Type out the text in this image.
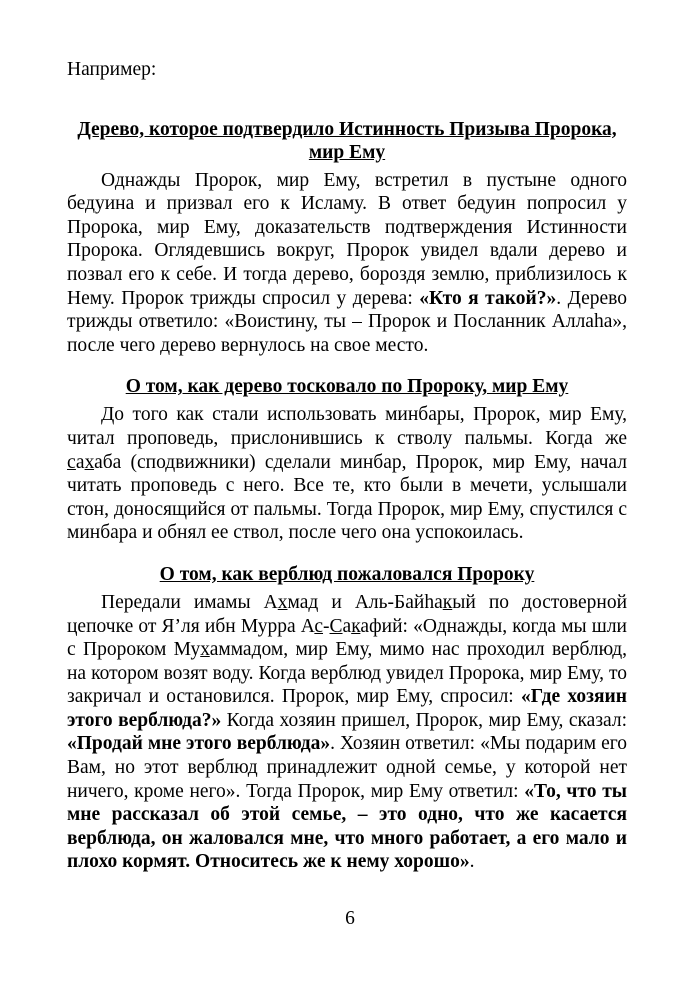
Например:

Дерево, которое подтвердило Истинность Призыва Пророка, мир Ему

Однажды Пророк, мир Ему, встретил в пустыне одного бедуина и призвал его к Исламу. В ответ бедуин попросил у Пророка, мир Ему, доказательств подтверждения Истинности Пророка. Оглядевшись вокруг, Пророк увидел вдали дерево и позвал его к себе. И тогда дерево, бороздя землю, приблизилось к Нему. Пророк трижды спросил у дерева: «Кто я такой?». Дерево трижды ответило: «Воистину, ты – Пророк и Посланник Аллаhа», после чего дерево вернулось на свое место.

О том, как дерево тосковало по Пророку, мир Ему

До того как стали использовать минбары, Пророк, мир Ему, читал проповедь, прислонившись к стволу пальмы. Когда же сахаба (сподвижники) сделали минбар, Пророк, мир Ему, начал читать проповедь с него. Все те, кто были в мечети, услышали стон, доносящийся от пальмы. Тогда Пророк, мир Ему, спустился с минбара и обнял ее ствол, после чего она успокоилась.

О том, как верблюд пожаловался Пророку

Передали имамы Ахмад и Аль-Байhакый по достоверной цепочке от Я’ля ибн Мурра Ас-Сакафий: «Однажды, когда мы шли с Пророком Мухаммадом, мир Ему, мимо нас проходил верблюд, на котором возят воду. Когда верблюд увидел Пророка, мир Ему, то закричал и остановился. Пророк, мир Ему, спросил: «Где хозяин этого верблюда?» Когда хозяин пришел, Пророк, мир Ему, сказал: «Продай мне этого верблюда». Хозяин ответил: «Мы подарим его Вам, но этот верблюд принадлежит одной семье, у которой нет ничего, кроме него». Тогда Пророк, мир Ему ответил: «То, что ты мне рассказал об этой семье, – это одно, что же касается верблюда, он жаловался мне, что много работает, а его мало и плохо кормят. Относитесь же к нему хорошо».

6
